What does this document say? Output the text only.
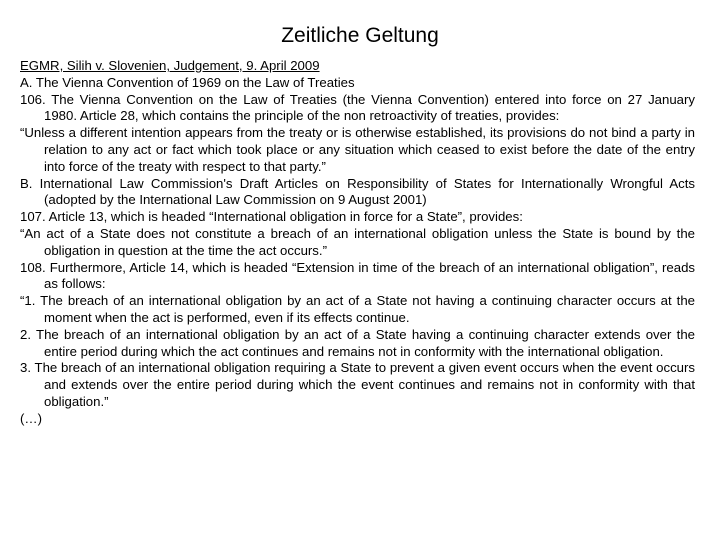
Zeitliche Geltung

EGMR, Silih v. Slovenien, Judgement, 9. April 2009

A. The Vienna Convention of 1969 on the Law of Treaties

106. The Vienna Convention on the Law of Treaties (the Vienna Convention) entered into force on 27 January 1980. Article 28, which contains the principle of the non retroactivity of treaties, provides:

“Unless a different intention appears from the treaty or is otherwise established, its provisions do not bind a party in relation to any act or fact which took place or any situation which ceased to exist before the date of the entry into force of the treaty with respect to that party.”

B. International Law Commission's Draft Articles on Responsibility of States for Internationally Wrongful Acts (adopted by the International Law Commission on 9 August 2001)

107. Article 13, which is headed “International obligation in force for a State”, provides:

“An act of a State does not constitute a breach of an international obligation unless the State is bound by the obligation in question at the time the act occurs.”

108. Furthermore, Article 14, which is headed “Extension in time of the breach of an international obligation”, reads as follows:

“1. The breach of an international obligation by an act of a State not having a continuing character occurs at the moment when the act is performed, even if its effects continue.

2. The breach of an international obligation by an act of a State having a continuing character extends over the entire period during which the act continues and remains not in conformity with the international obligation.

3. The breach of an international obligation requiring a State to prevent a given event occurs when the event occurs and extends over the entire period during which the event continues and remains not in conformity with that obligation.”

(…)
